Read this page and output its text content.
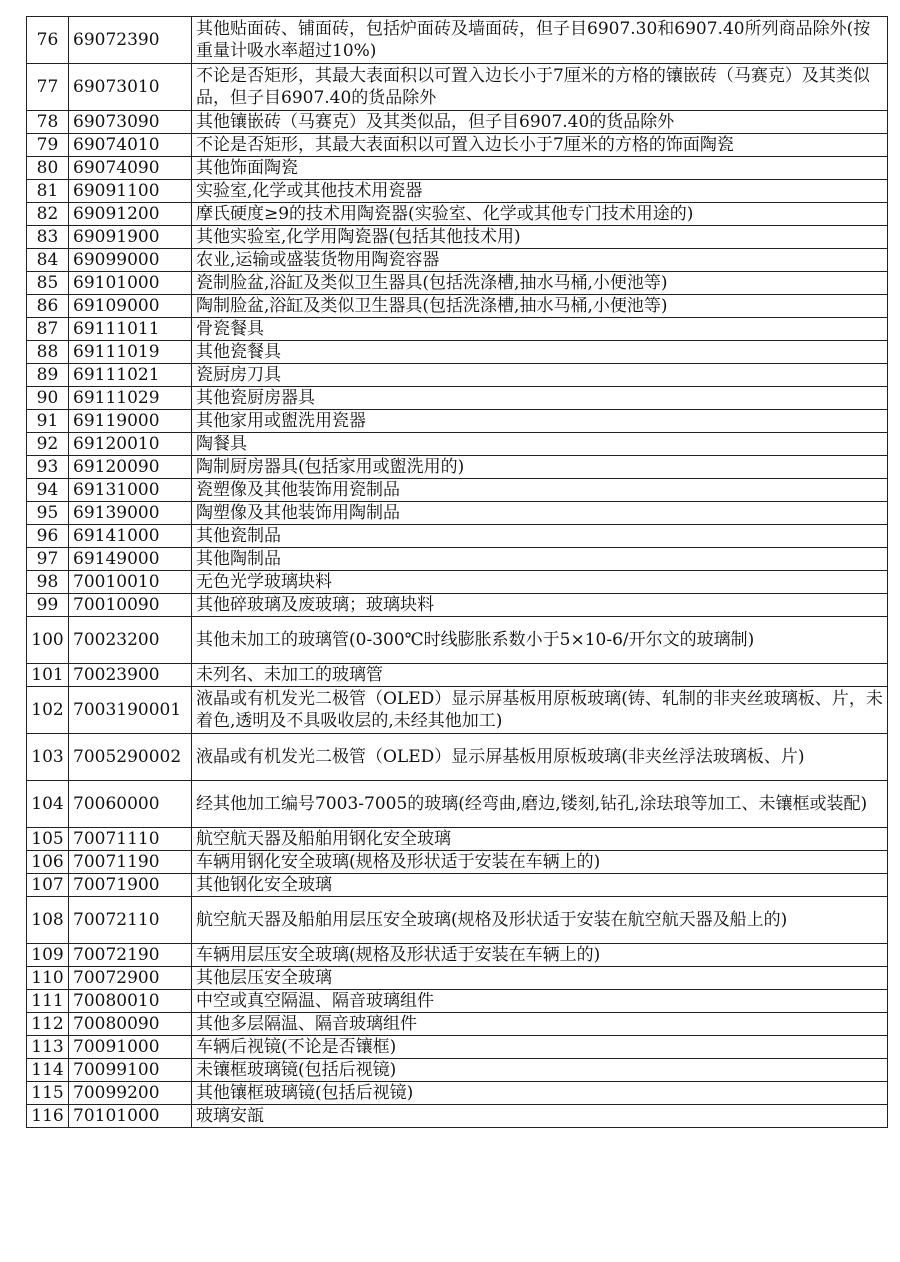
76	69072390	其他贴面砖、铺面砖，包括炉面砖及墙面砖，但子目6907.30和6907.40所列商品除外(按重量计吸水率超过10%)
77	69073010	不论是否矩形，其最大表面积以可置入边长小于7厘米的方格的镶嵌砖（马赛克）及其类似品，但子目6907.40的货品除外
78	69073090	其他镶嵌砖（马赛克）及其类似品，但子目6907.40的货品除外
79	69074010	不论是否矩形，其最大表面积以可置入边长小于7厘米的方格的饰面陶瓷
80	69074090	其他饰面陶瓷
81	69091100	实验室,化学或其他技术用瓷器
82	69091200	摩氏硬度≥9的技术用陶瓷器(实验室、化学或其他专门技术用途的)
83	69091900	其他实验室,化学用陶瓷器(包括其他技术用)
84	69099000	农业,运输或盛装货物用陶瓷容器
85	69101000	瓷制脸盆,浴缸及类似卫生器具(包括洗涤槽,抽水马桶,小便池等)
86	69109000	陶制脸盆,浴缸及类似卫生器具(包括洗涤槽,抽水马桶,小便池等)
87	69111011	骨瓷餐具
88	69111019	其他瓷餐具
89	69111021	瓷厨房刀具
90	69111029	其他瓷厨房器具
91	69119000	其他家用或盥洗用瓷器
92	69120010	陶餐具
93	69120090	陶制厨房器具(包括家用或盥洗用的)
94	69131000	瓷塑像及其他装饰用瓷制品
95	69139000	陶塑像及其他装饰用陶制品
96	69141000	其他瓷制品
97	69149000	其他陶制品
98	70010010	无色光学玻璃块料
99	70010090	其他碎玻璃及废玻璃；玻璃块料
100	70023200	其他未加工的玻璃管(0-300℃时线膨胀系数小于5×10-6/开尔文的玻璃制)
101	70023900	未列名、未加工的玻璃管
102	7003190001	液晶或有机发光二极管（OLED）显示屏基板用原板玻璃(铸、轧制的非夹丝玻璃板、片，未着色,透明及不具吸收层的,未经其他加工)
103	7005290002	液晶或有机发光二极管（OLED）显示屏基板用原板玻璃(非夹丝浮法玻璃板、片)
104	70060000	经其他加工编号7003-7005的玻璃(经弯曲,磨边,镂刻,钻孔,涂珐琅等加工、未镶框或装配)
105	70071110	航空航天器及船舶用钢化安全玻璃
106	70071190	车辆用钢化安全玻璃(规格及形状适于安装在车辆上的)
107	70071900	其他钢化安全玻璃
108	70072110	航空航天器及船舶用层压安全玻璃(规格及形状适于安装在航空航天器及船上的)
109	70072190	车辆用层压安全玻璃(规格及形状适于安装在车辆上的)
110	70072900	其他层压安全玻璃
111	70080010	中空或真空隔温、隔音玻璃组件
112	70080090	其他多层隔温、隔音玻璃组件
113	70091000	车辆后视镜(不论是否镶框)
114	70099100	未镶框玻璃镜(包括后视镜)
115	70099200	其他镶框玻璃镜(包括后视镜)
116	70101000	玻璃安瓿
